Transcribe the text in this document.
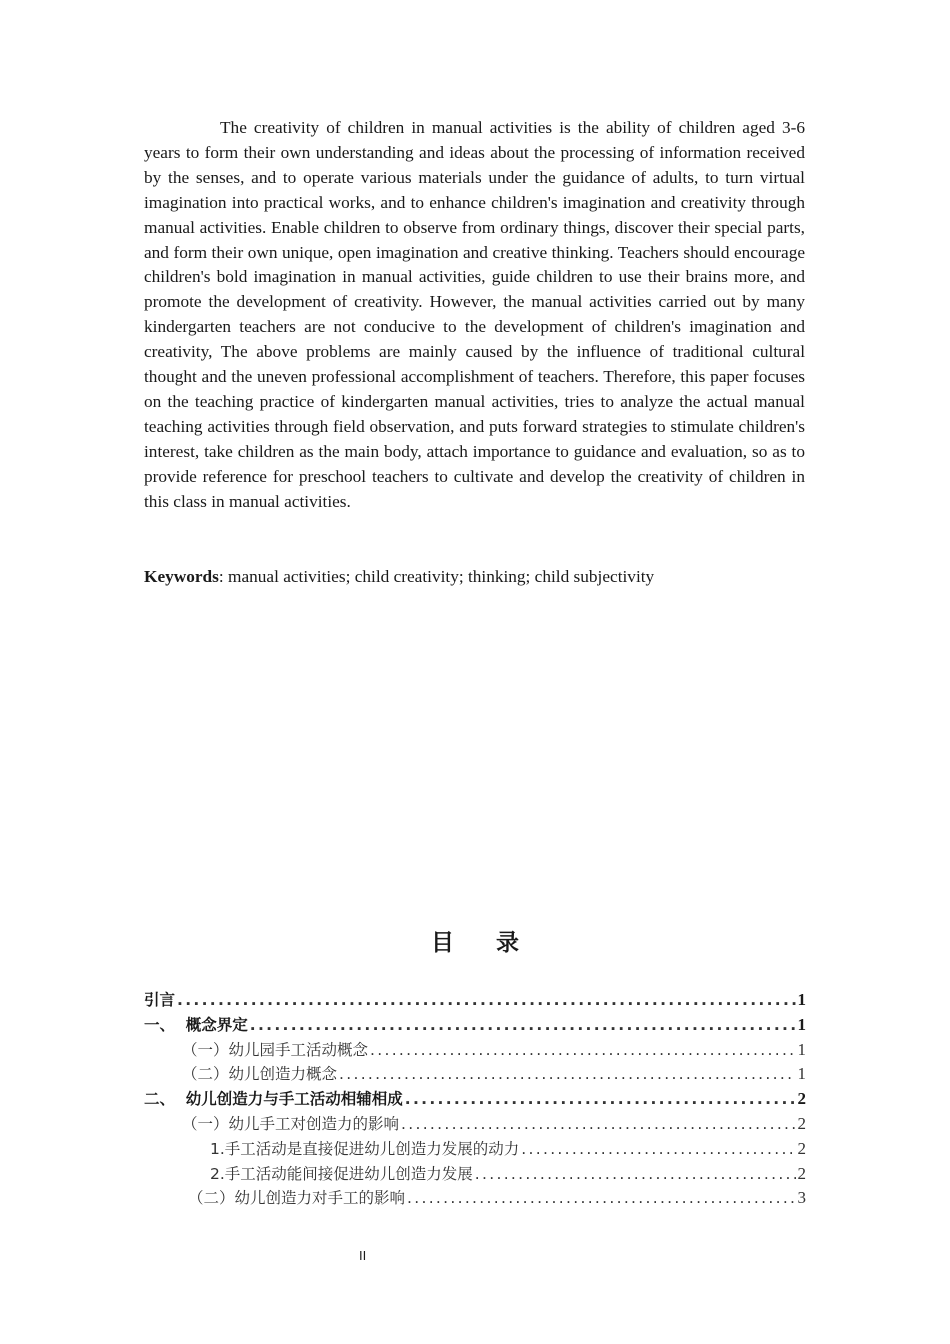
The creativity of children in manual activities is the ability of children aged 3-6 years to form their own understanding and ideas about the processing of information received by the senses, and to operate various materials under the guidance of adults, to turn virtual imagination into practical works, and to enhance children's imagination and creativity through manual activities. Enable children to observe from ordinary things, discover their special parts, and form their own unique, open imagination and creative thinking. Teachers should encourage children's bold imagination in manual activities, guide children to use their brains more, and promote the development of creativity. However, the manual activities carried out by many kindergarten teachers are not conducive to the development of children's imagination and creativity, The above problems are mainly caused by the influence of traditional cultural thought and the uneven professional accomplishment of teachers. Therefore, this paper focuses on the teaching practice of kindergarten manual activities, tries to analyze the actual manual teaching activities through field observation, and puts forward strategies to stimulate children's interest, take children as the main body, attach importance to guidance and evaluation, so as to provide reference for preschool teachers to cultivate and develop the creativity of children in this class in manual activities.

Keywords: manual activities; child creativity; thinking; child subjectivity

目录
引言 .....	1
一、  概念界定 .....	1
（一）幼儿园手工活动概念 .....	1
（二）幼儿创造力概念 .....	1
二、  幼儿创造力与手工活动相辅相成 .....	2
（一）幼儿手工对创造力的影响 .....	2
1.手工活动是直接促进幼儿创造力发展的动力 .....	2
2.手工活动能间接促进幼儿创造力发展 .....	2
（二）幼儿创造力对手工的影响 .....	3

II
